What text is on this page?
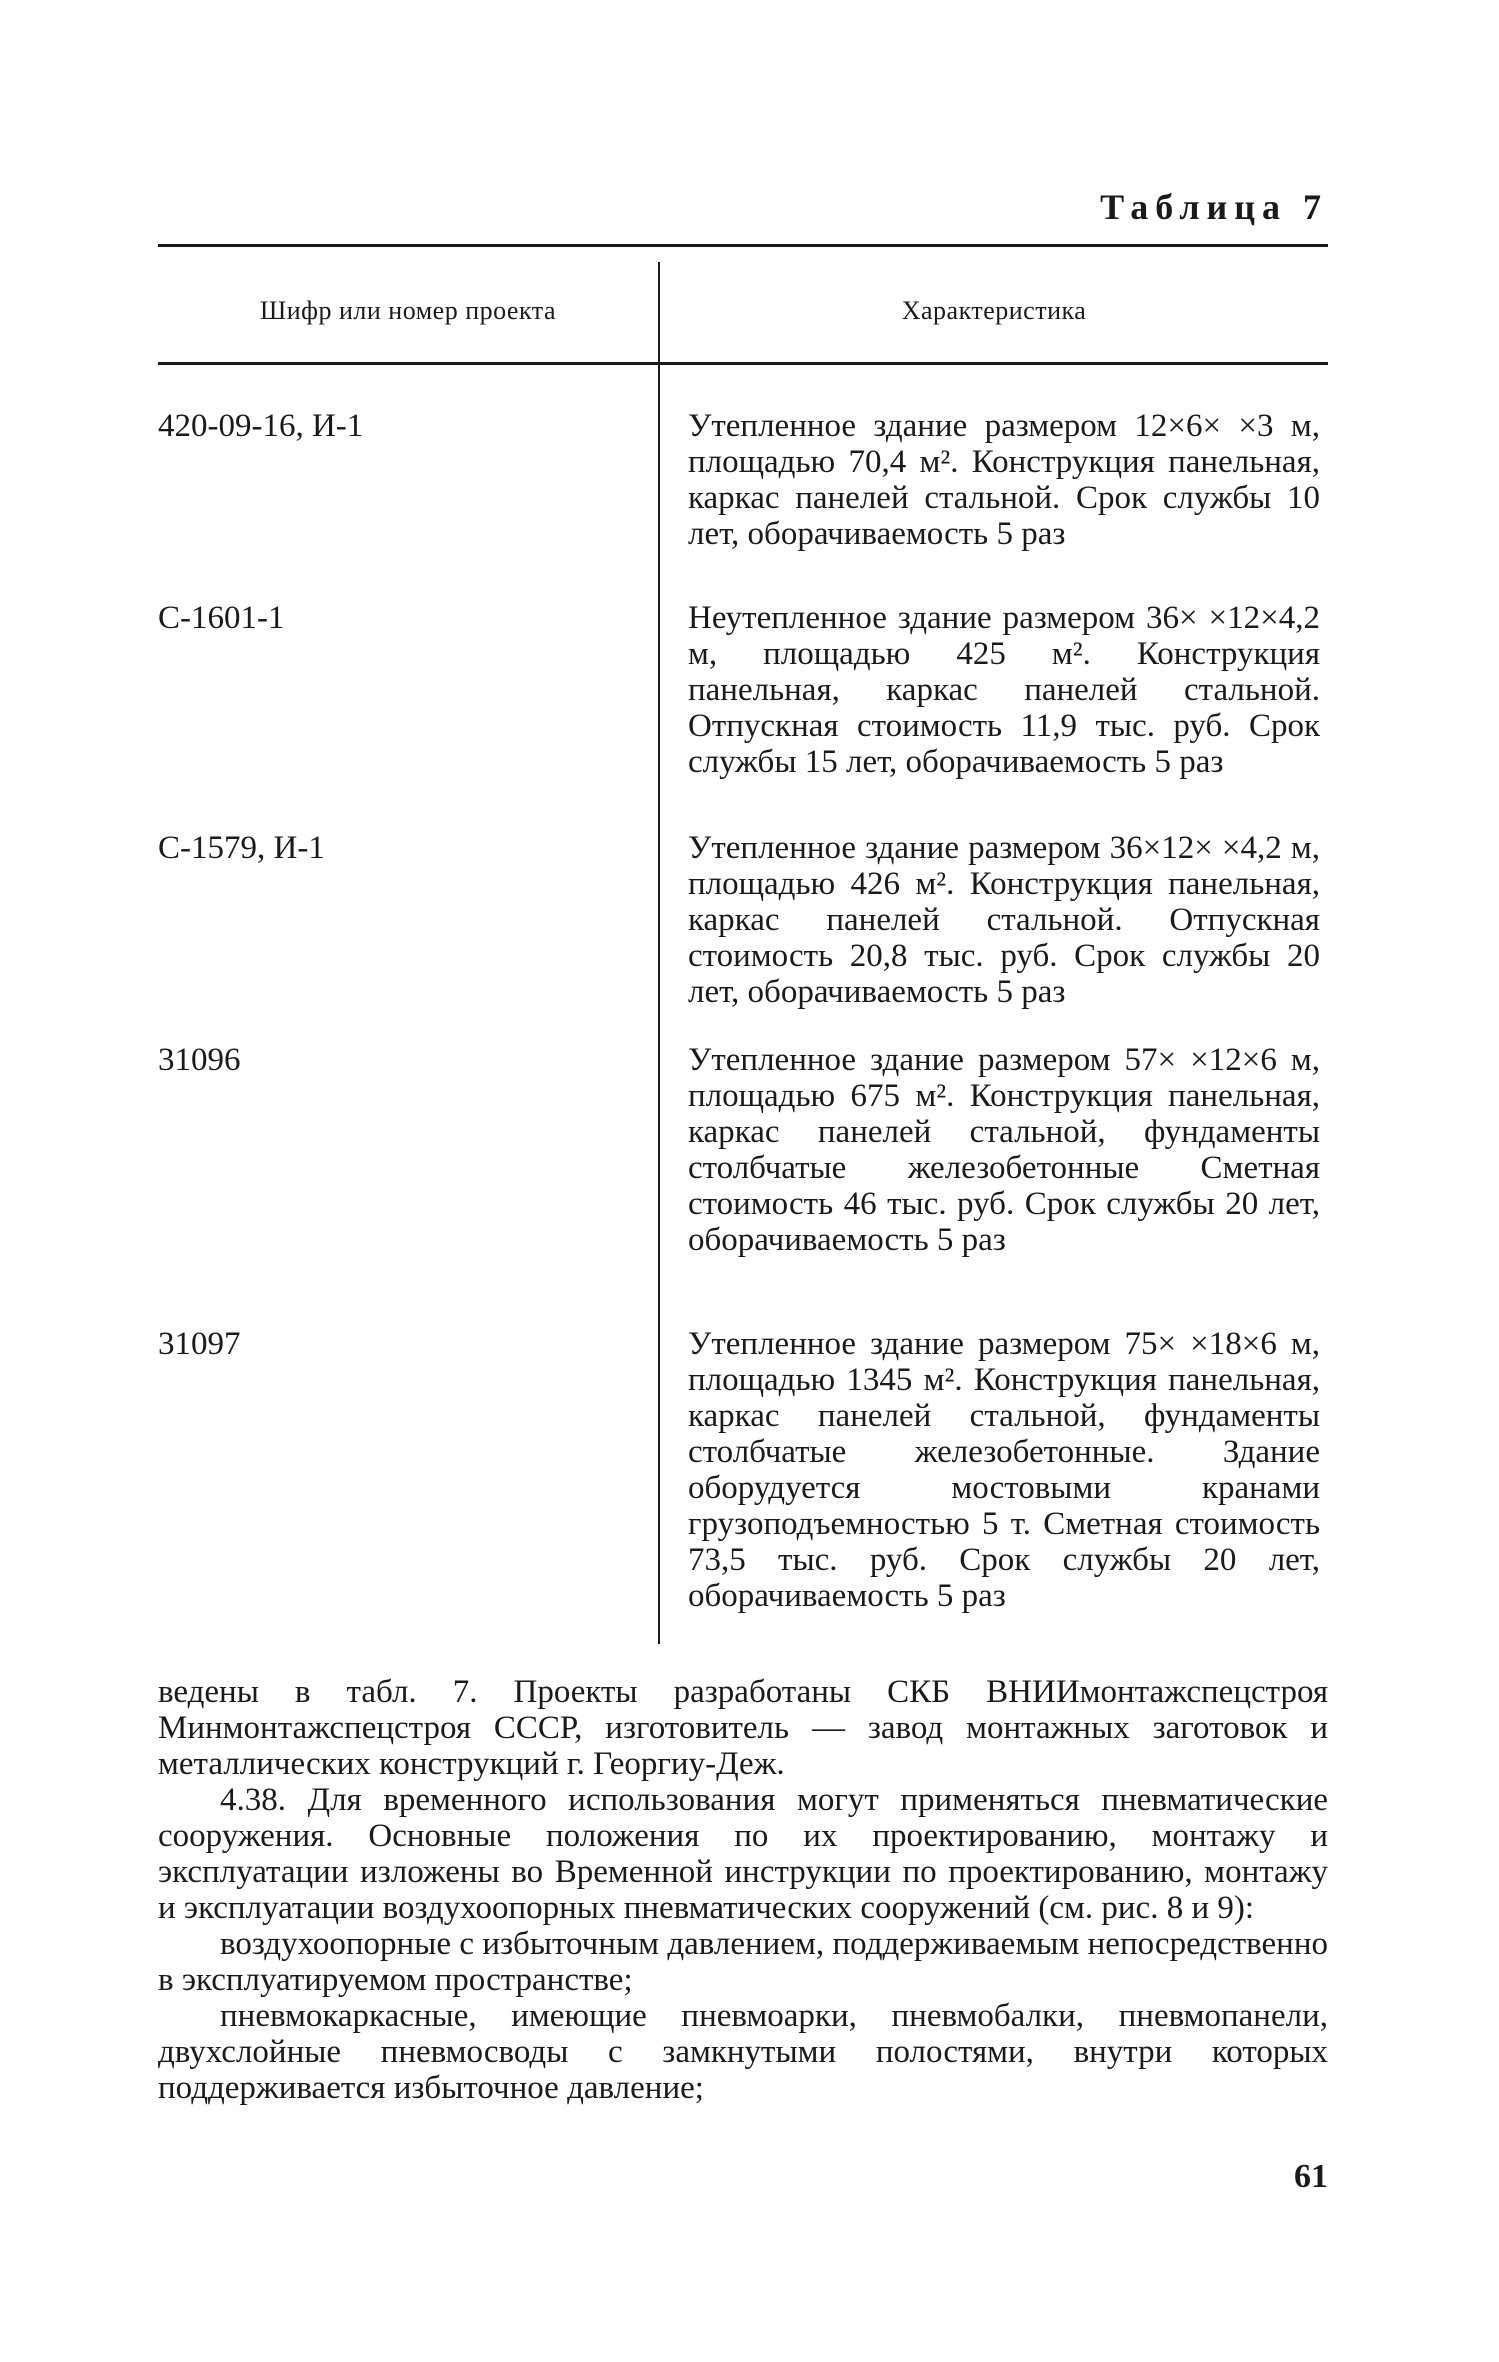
Таблица 7
Шифр или номер проекта	Характеристика
420-09-16, И-1	Утепленное здание размером 12×6× ×3 м, площадью 70,4 м². Конструкция панельная, каркас панелей стальной. Срок службы 10 лет, оборачиваемость 5 раз
С-1601-1	Неутепленное здание размером 36× ×12×4,2 м, площадью 425 м². Конструкция панельная, каркас панелей стальной. Отпускная стоимость 11,9 тыс. руб. Срок службы 15 лет, оборачиваемость 5 раз
С-1579, И-1	Утепленное здание размером 36×12× ×4,2 м, площадью 426 м². Конструкция панельная, каркас панелей стальной. Отпускная стоимость 20,8 тыс. руб. Срок службы 20 лет, оборачиваемость 5 раз
31096	Утепленное здание размером 57× ×12×6 м, площадью 675 м². Конструкция панельная, каркас панелей стальной, фундаменты столбчатые железобетонные Сметная стоимость 46 тыс. руб. Срок службы 20 лет, оборачиваемость 5 раз
31097	Утепленное здание размером 75× ×18×6 м, площадью 1345 м². Конструкция панельная, каркас панелей стальной, фундаменты столбчатые железобетонные. Здание оборудуется мостовыми кранами грузоподъемностью 5 т. Сметная стоимость 73,5 тыс. руб. Срок службы 20 лет, оборачиваемость 5 раз

ведены в табл. 7. Проекты разработаны СКБ ВНИИмонтажспецстроя Минмонтажспецстроя СССР, изготовитель — завод монтажных заготовок и металлических конструкций г. Георгиу-Деж.

4.38. Для временного использования могут применяться пневматические сооружения. Основные положения по их проектированию, монтажу и эксплуатации изложены во Временной инструкции по проектированию, монтажу и эксплуатации воздухоопорных пневматических сооружений (см. рис. 8 и 9):

воздухоопорные с избыточным давлением, поддерживаемым непосредственно в эксплуатируемом пространстве;

пневмокаркасные, имеющие пневмоарки, пневмобалки, пневмопанели, двухслойные пневмосводы с замкнутыми полостями, внутри которых поддерживается избыточное давление;

61
